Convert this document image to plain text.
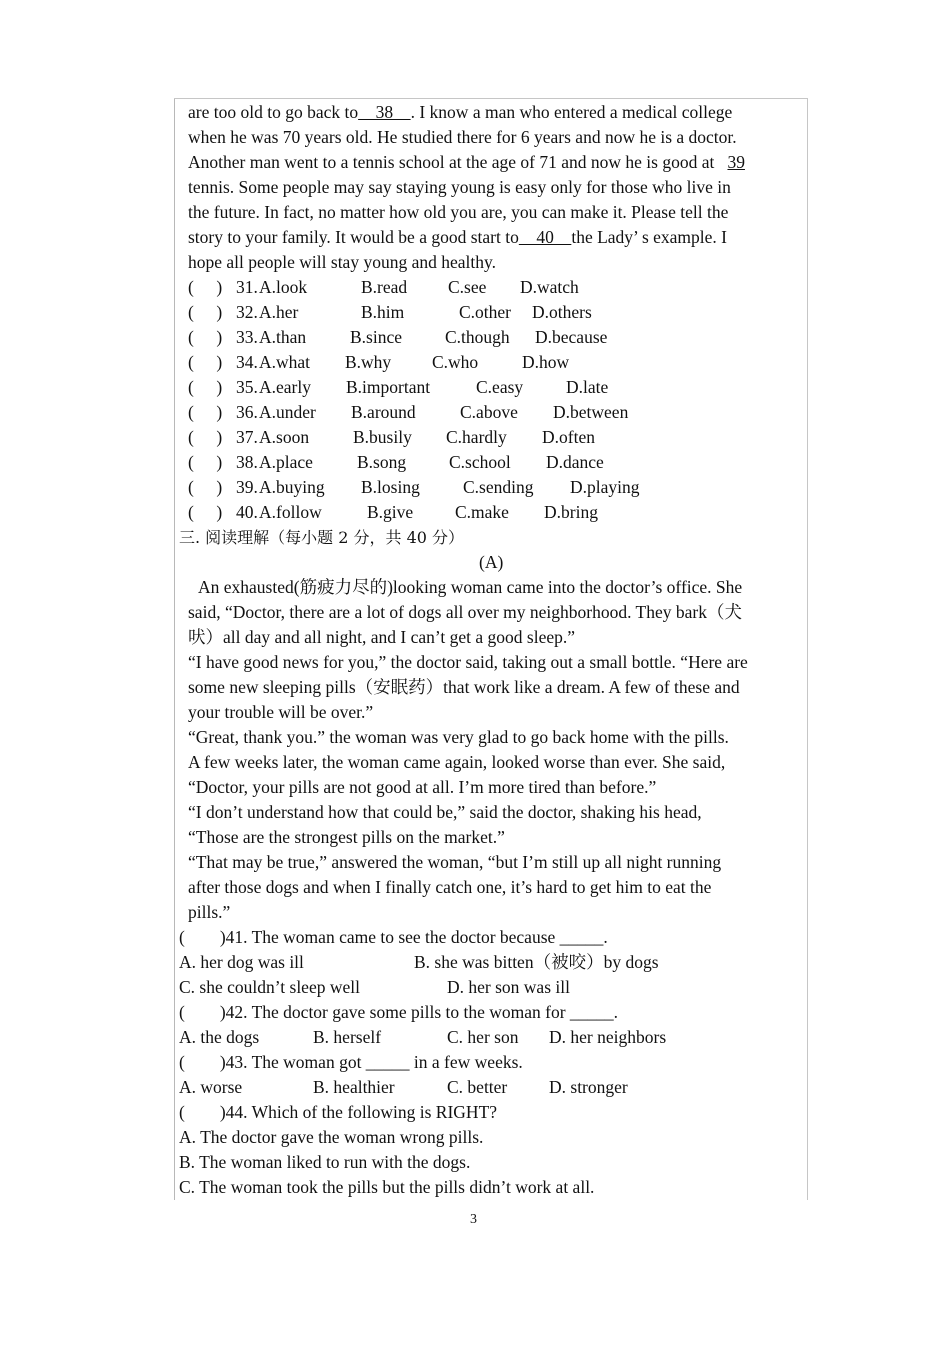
are too old to go back to    38    . I know a man who entered a medical college
when he was 70 years old. He studied there for 6 years and now he is a doctor.
Another man went to a tennis school at the age of 71 and now he is good at   39
tennis. Some people may say staying young is easy only for those who live in
the future. In fact, no matter how old you are, you can make it. Please tell the
story to your family. It would be a good start to    40    the Lady’ s example. I
hope all people will stay young and healthy.
(    ) 31. A.look	B.read C.see D.watch
(    ) 32. A.her	B.him	C.other D.others
(    ) 33. A.than	B.since C.though D.because
(    ) 34. A.what B.why C.who	D.how
(    ) 35. A.early B.important	C.easy D.late
(    ) 36. A.under B.around	C.above D.between
(    ) 37. A.soon	B.busily C.hardly D.often
(    ) 38. A.place	B.song C.school D.dance
(    ) 39. A.buying B.losing C.sending D.playing
(    ) 40. A.follow	B.give C.make D.bring
三. 阅读理解（每小题 2 分，共 40 分）
(A)
An exhausted(筋疲力尽的)looking woman came into the doctor’s office. She
said, “Doctor, there are a lot of dogs all over my neighborhood. They bark（犬
吠）all day and all night, and I can’t get a good sleep.”
“I have good news for you,” the doctor said, taking out a small bottle. “Here are
some new sleeping pills（安眠药）that work like a dream. A few of these and
your trouble will be over.”
“Great, thank you.” the woman was very glad to go back home with the pills.
A few weeks later, the woman came again, looked worse than ever. She said,
“Doctor, your pills are not good at all. I’m more tired than before.”
“I don’t understand how that could be,” said the doctor, shaking his head,
“Those are the strongest pills on the market.”
“That may be true,” answered the woman, “but I’m still up all night running
after those dogs and when I finally catch one, it’s hard to get him to eat the
pills.”
(        )41. The woman came to see the doctor because _____.
A. her dog was ill	B. she was bitten（被咬）by dogs
C. she couldn’t sleep well	D. her son was ill
(        )42. The doctor gave some pills to the woman for _____.
A. the dogs	B. herself	C. her son D. her neighbors
(        )43. The woman got _____ in a few weeks.
A. worse	B. healthier	C. better D. stronger
(        )44. Which of the following is RIGHT?
A. The doctor gave the woman wrong pills.
B. The woman liked to run with the dogs.
C. The woman took the pills but the pills didn’t work at all.
3
